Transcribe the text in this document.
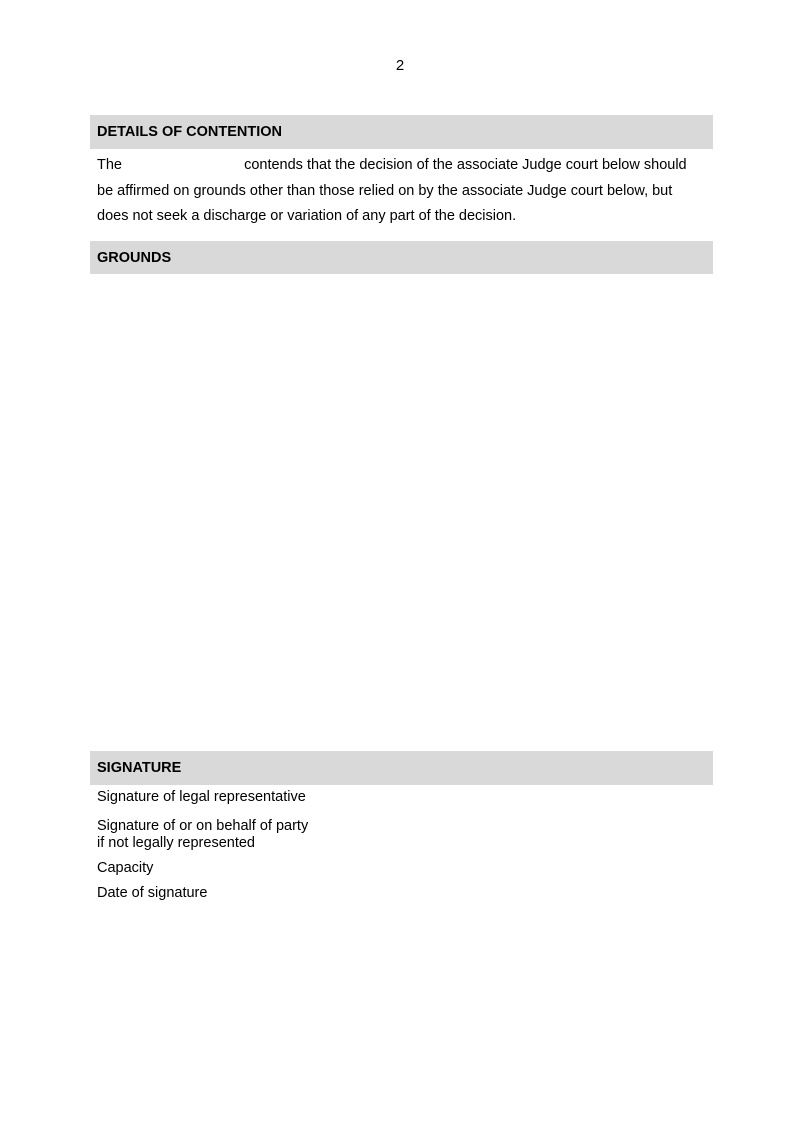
2
DETAILS OF CONTENTION
The	contends that the decision of the associate Judge court below should be affirmed on grounds other than those relied on by the associate Judge court below, but does not seek a discharge or variation of any part of the decision.
GROUNDS
SIGNATURE
Signature of legal representative
Signature of or on behalf of party
if not legally represented
Capacity
Date of signature
